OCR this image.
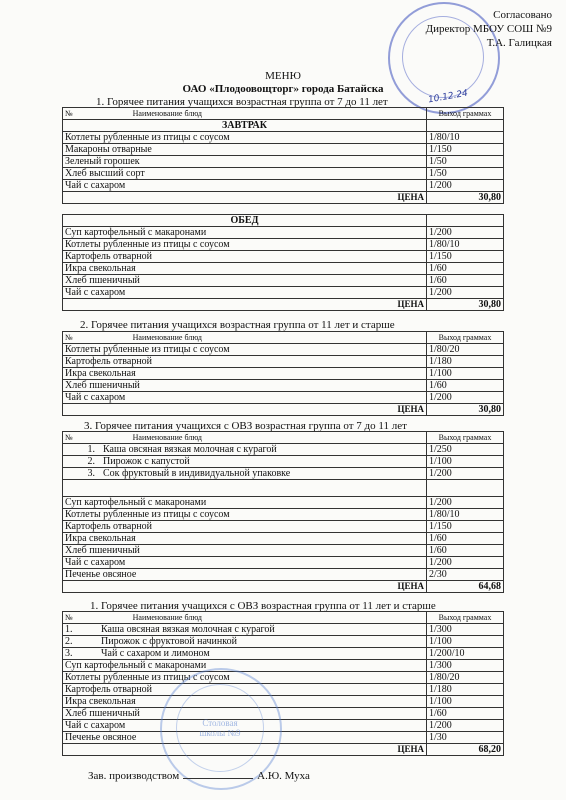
Согласовано
Директор МБОУ СОШ №9
Т.А. Галицкая
10.12.24
МЕНЮ
ОАО «Плодоовощторг» города Батайска
1. Горячее питания учащихся возрастная группа от 7 до 11 лет
№ Наименование блюд	Выход граммах
ЗАВТРАК	
Котлеты рубленные из птицы с соусом	1/80/10
Макароны отварные	1/150
Зеленый горошек	1/50
Хлеб высший сорт	1/50
Чай с сахаром	1/200
ЦЕНА	30,80
ОБЕД	
Суп картофельный с макаронами	1/200
Котлеты рубленные из птицы с соусом	1/80/10
Картофель отварной	1/150
Икра свекольная	1/60
Хлеб пшеничный	1/60
Чай с сахаром	1/200
ЦЕНА	30,80
2. Горячее питания учащихся возрастная группа от 11 лет и старше
№ Наименование блюд	Выход граммах
Котлеты рубленные из птицы с соусом	1/80/20
Картофель отварной	1/180
Икра свекольная	1/100
Хлеб пшеничный	1/60
Чай с сахаром	1/200
ЦЕНА	30,80
3. Горячее питания учащихся с ОВЗ возрастная группа от 7 до 11 лет
№ Наименование блюд	Выход граммах
1. Каша овсяная вязкая молочная с курагой	1/250
2. Пирожок с капустой	1/100
3. Сок фруктовый в индивидуальной упаковке	1/200

Суп картофельный с макаронами	1/200
Котлеты рубленные из птицы с соусом	1/80/10
Картофель отварной	1/150
Икра свекольная	1/60
Хлеб пшеничный	1/60
Чай с сахаром	1/200
Печенье овсяное	2/30
ЦЕНА	64,68
1. Горячее питания учащихся с ОВЗ возрастная группа от 11 лет и старше
№ Наименование блюд	Выход граммах
1. Каша овсяная вязкая молочная с курагой	1/300
2. Пирожок с фруктовой начинкой	1/100
3. Чай с сахаром и лимоном	1/200/10
Суп картофельный с макаронами	1/300
Котлеты рубленные из птицы с соусом	1/80/20
Картофель отварной	1/180
Икра свекольная	1/100
Хлеб пшеничный	1/60
Чай с сахаром	1/200
Печенье овсяное	1/30
ЦЕНА	68,20
Столовая школы №9
Зав. производством	А.Ю. Муха
